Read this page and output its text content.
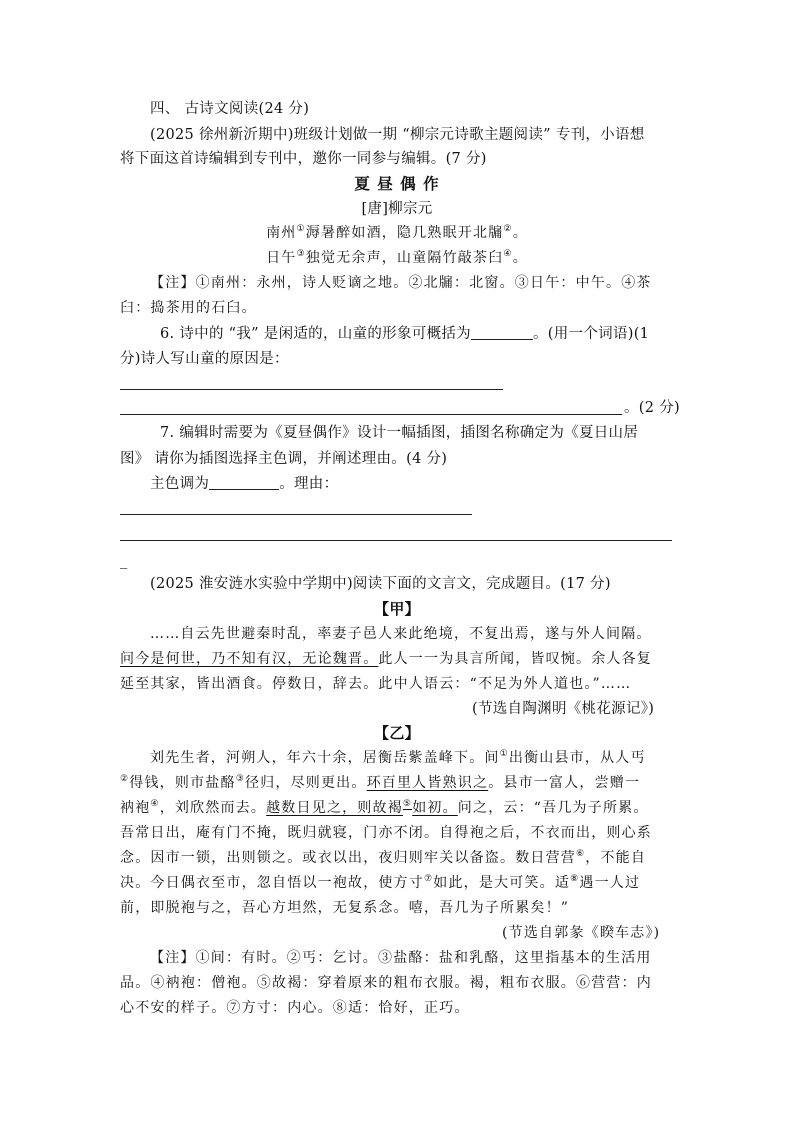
四、 古诗文阅读(24 分)
(2025 徐州新沂期中)班级计划做一期 “柳宗元诗歌主题阅读” 专刊，小语想
将下面这首诗编辑到专刊中，邀你一同参与编辑。(7 分)
夏 昼 偶 作
[唐]柳宗元
南州①溽暑醉如酒，隐几熟眠开北牖②。
日午③独觉无余声，山童隔竹敲茶臼④。
【注】①南州：永州，诗人贬谪之地。②北牖：北窗。③日午：中午。④茶
臼：捣茶用的石臼。
6. 诗中的 “我” 是闲适的，山童的形象可概括为	。(用一个词语)(1
分)诗人写山童的原因是：
。(2 分)
7. 编辑时需要为《夏昼偶作》设计一幅插图，插图名称确定为《夏日山居
图》 请你为插图选择主色调，并阐述理由。(4 分)
主色调为	。理由：
_
(2025 淮安涟水实验中学期中)阅读下面的文言文，完成题目。(17 分)
【甲】
……自云先世避秦时乱，率妻子邑人来此绝境，不复出焉，遂与外人间隔。
问今是何世，乃不知有汉，无论魏晋。此人一一为具言所闻，皆叹惋。余人各复
延至其家，皆出酒食。停数日，辞去。此中人语云：“不足为外人道也。”……
(节选自陶渊明《桃花源记》)
【乙】
刘先生者，河朔人，年六十余，居衡岳紫盖峰下。间①出衡山县市，从人丐
②得钱，则市盐酪③径归，尽则更出。环百里人皆熟识之。县市一富人，尝赠一
衲袍④，刘欣然而去。越数日见之，则故褐⑤如初。问之，云：“吾几为子所累。
吾常日出，庵有门不掩，既归就寝，门亦不闭。自得袍之后，不衣而出，则心系
念。因市一锁，出则锁之。或衣以出，夜归则牢关以备盗。数日营营⑥，不能自
决。今日偶衣至市，忽自悟以一袍故，使方寸⑦如此，是大可笑。适⑧遇一人过
前，即脱袍与之，吾心方坦然，无复系念。嘻，吾几为子所累矣！”
(节选自郭彖《睽车志》)
【注】①间：有时。②丐：乞讨。③盐酪：盐和乳酪，这里指基本的生活用
品。④衲袍：僧袍。⑤故褐：穿着原来的粗布衣服。褐，粗布衣服。⑥营营：内
心不安的样子。⑦方寸：内心。⑧适：恰好，正巧。
